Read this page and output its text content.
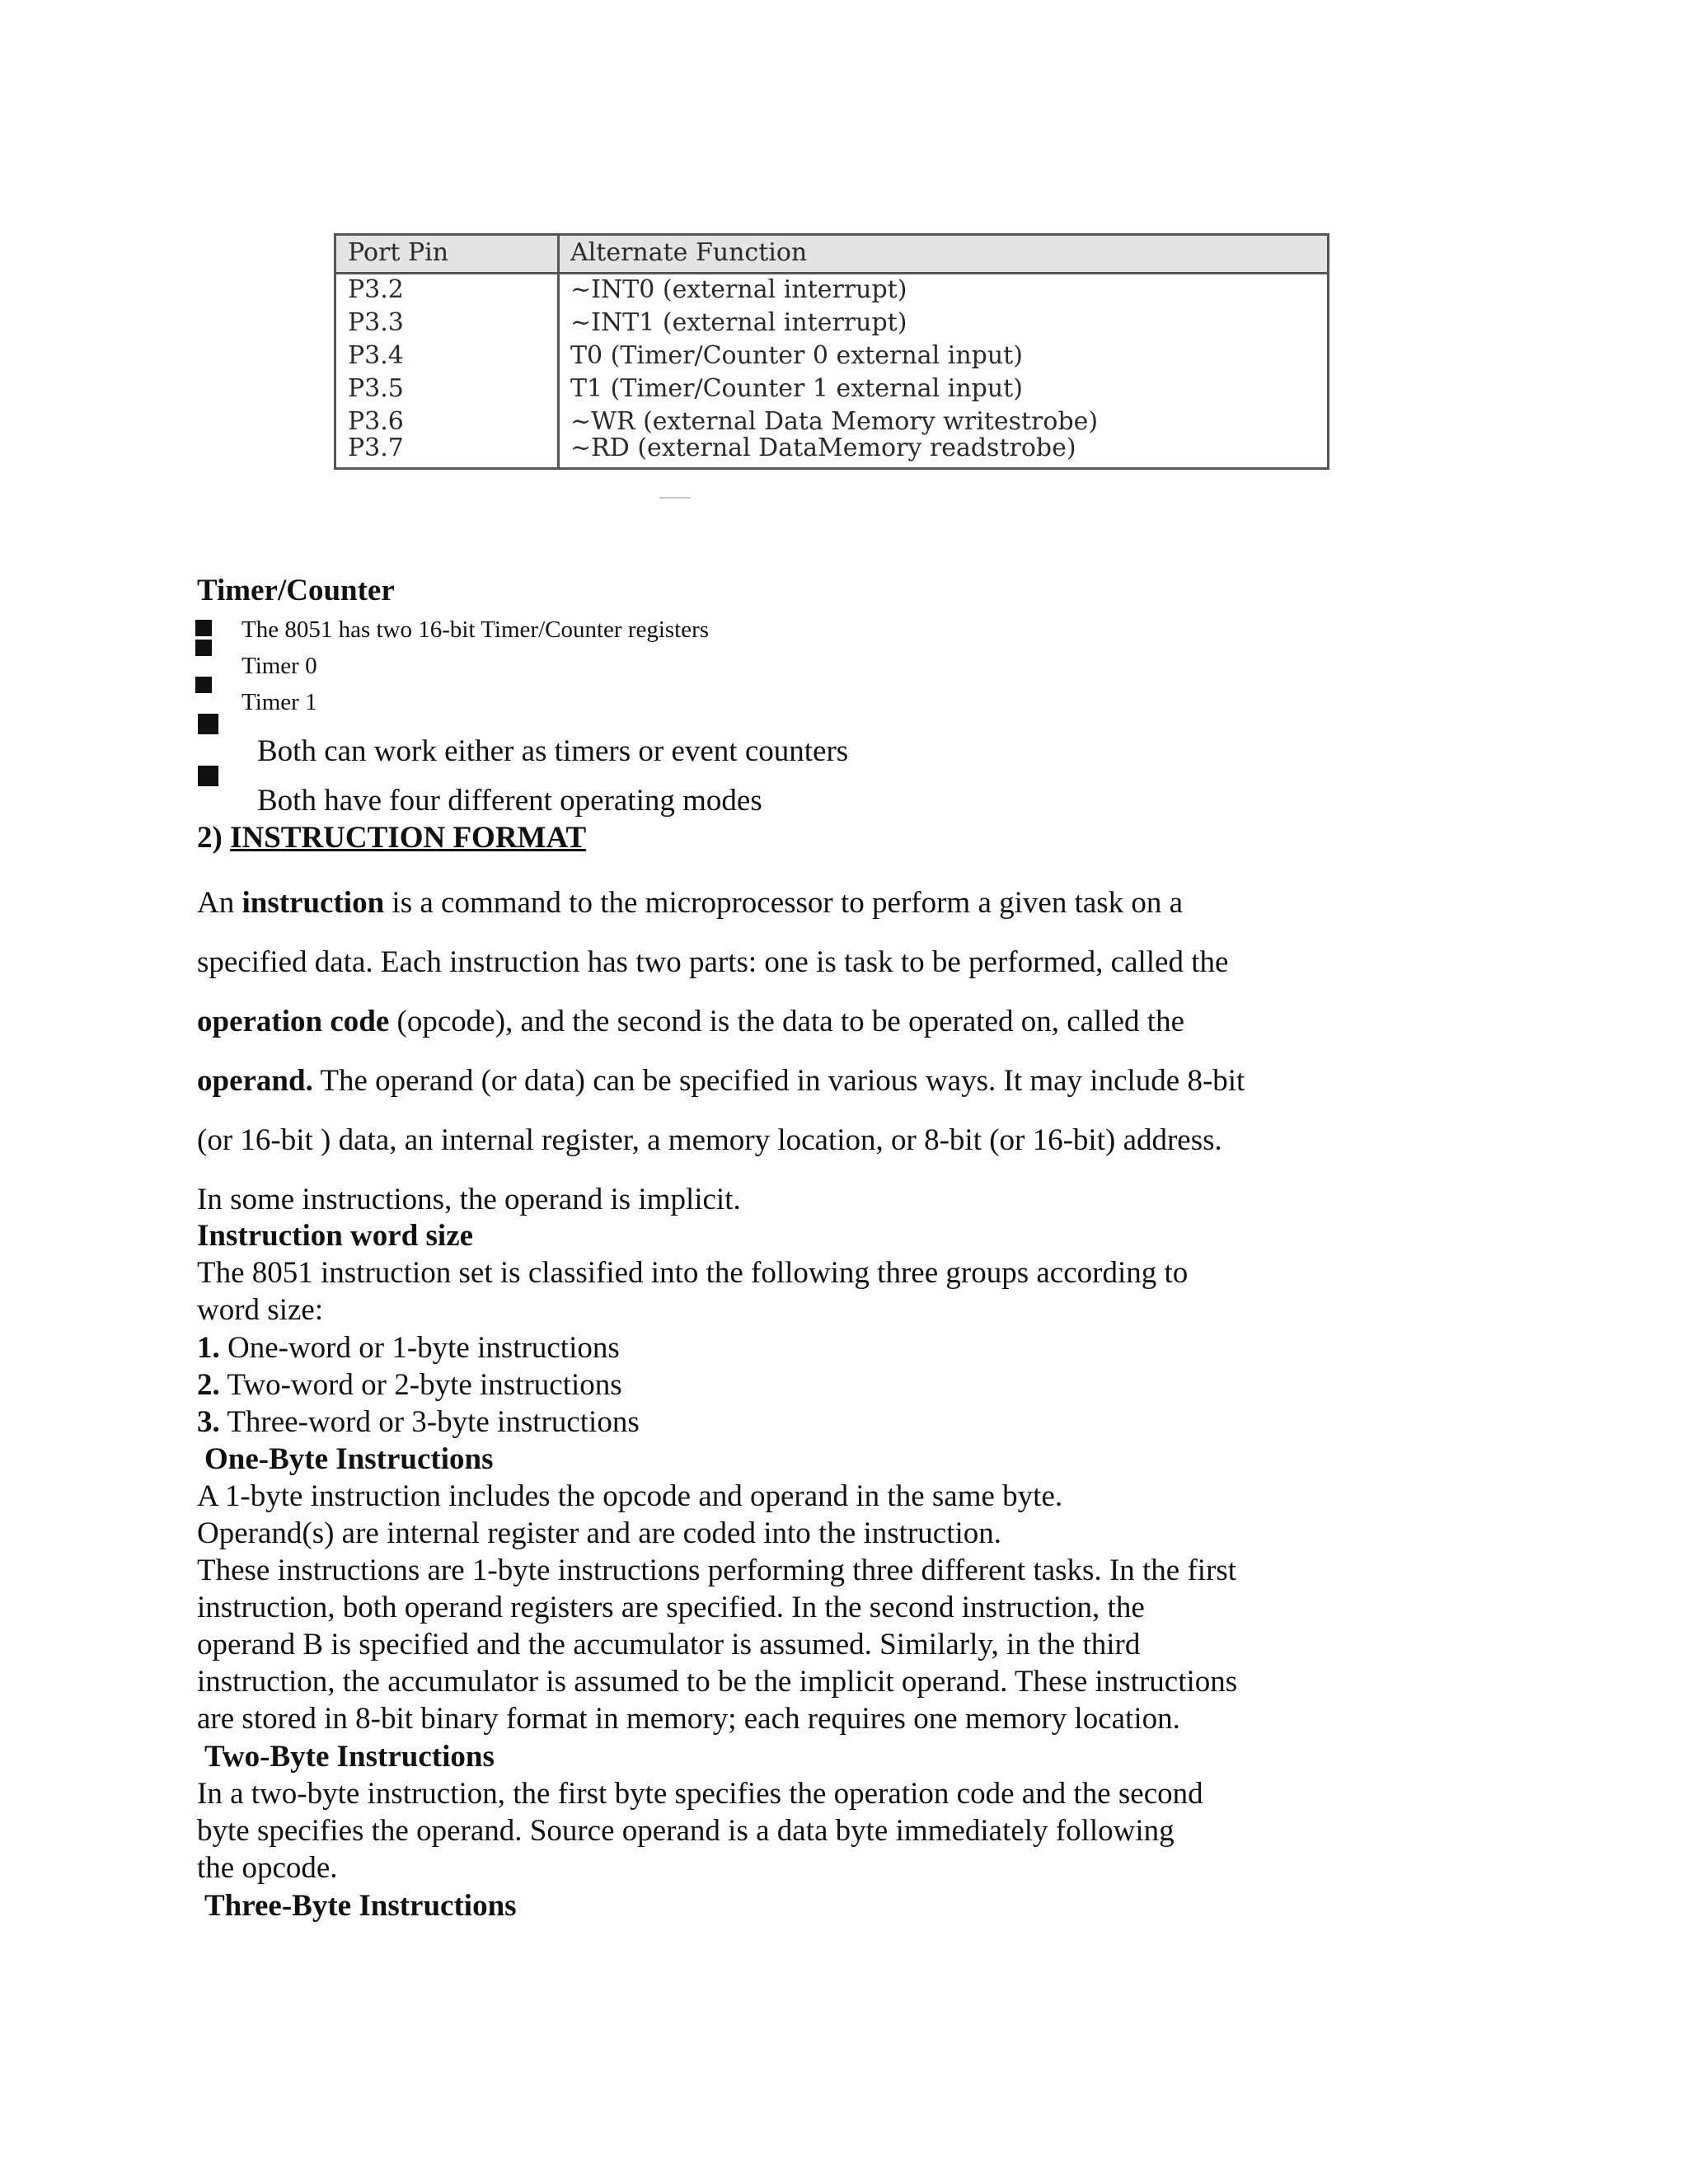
Port Pin	Alternate Function
P3.2	~INT0 (external interrupt)
P3.3	~INT1 (external interrupt)
P3.4	T0 (Timer/Counter 0 external input)
P3.5	T1 (Timer/Counter 1 external input)
P3.6	~WR (external Data Memory writestrobe)
P3.7	~RD (external DataMemory readstrobe)
Timer/Counter
The 8051 has two 16-bit Timer/Counter registers
Timer 0
Timer 1
Both can work either as timers or event counters
Both have four different operating modes
2) INSTRUCTION FORMAT
An instruction is a command to the microprocessor to perform a given task on a
specified data. Each instruction has two parts: one is task to be performed, called the
operation code (opcode), and the second is the data to be operated on, called the
operand. The operand (or data) can be specified in various ways. It may include 8-bit
(or 16-bit ) data, an internal register, a memory location, or 8-bit (or 16-bit) address.
In some instructions, the operand is implicit.
Instruction word size
The 8051 instruction set is classified into the following three groups according to
word size:
1. One-word or 1-byte instructions
2. Two-word or 2-byte instructions
3. Three-word or 3-byte instructions
One-Byte Instructions
A 1-byte instruction includes the opcode and operand in the same byte.
Operand(s) are internal register and are coded into the instruction.
These instructions are 1-byte instructions performing three different tasks. In the first
instruction, both operand registers are specified. In the second instruction, the
operand B is specified and the accumulator is assumed. Similarly, in the third
instruction, the accumulator is assumed to be the implicit operand. These instructions
are stored in 8-bit binary format in memory; each requires one memory location.
Two-Byte Instructions
In a two-byte instruction, the first byte specifies the operation code and the second
byte specifies the operand. Source operand is a data byte immediately following
the opcode.
Three-Byte Instructions
